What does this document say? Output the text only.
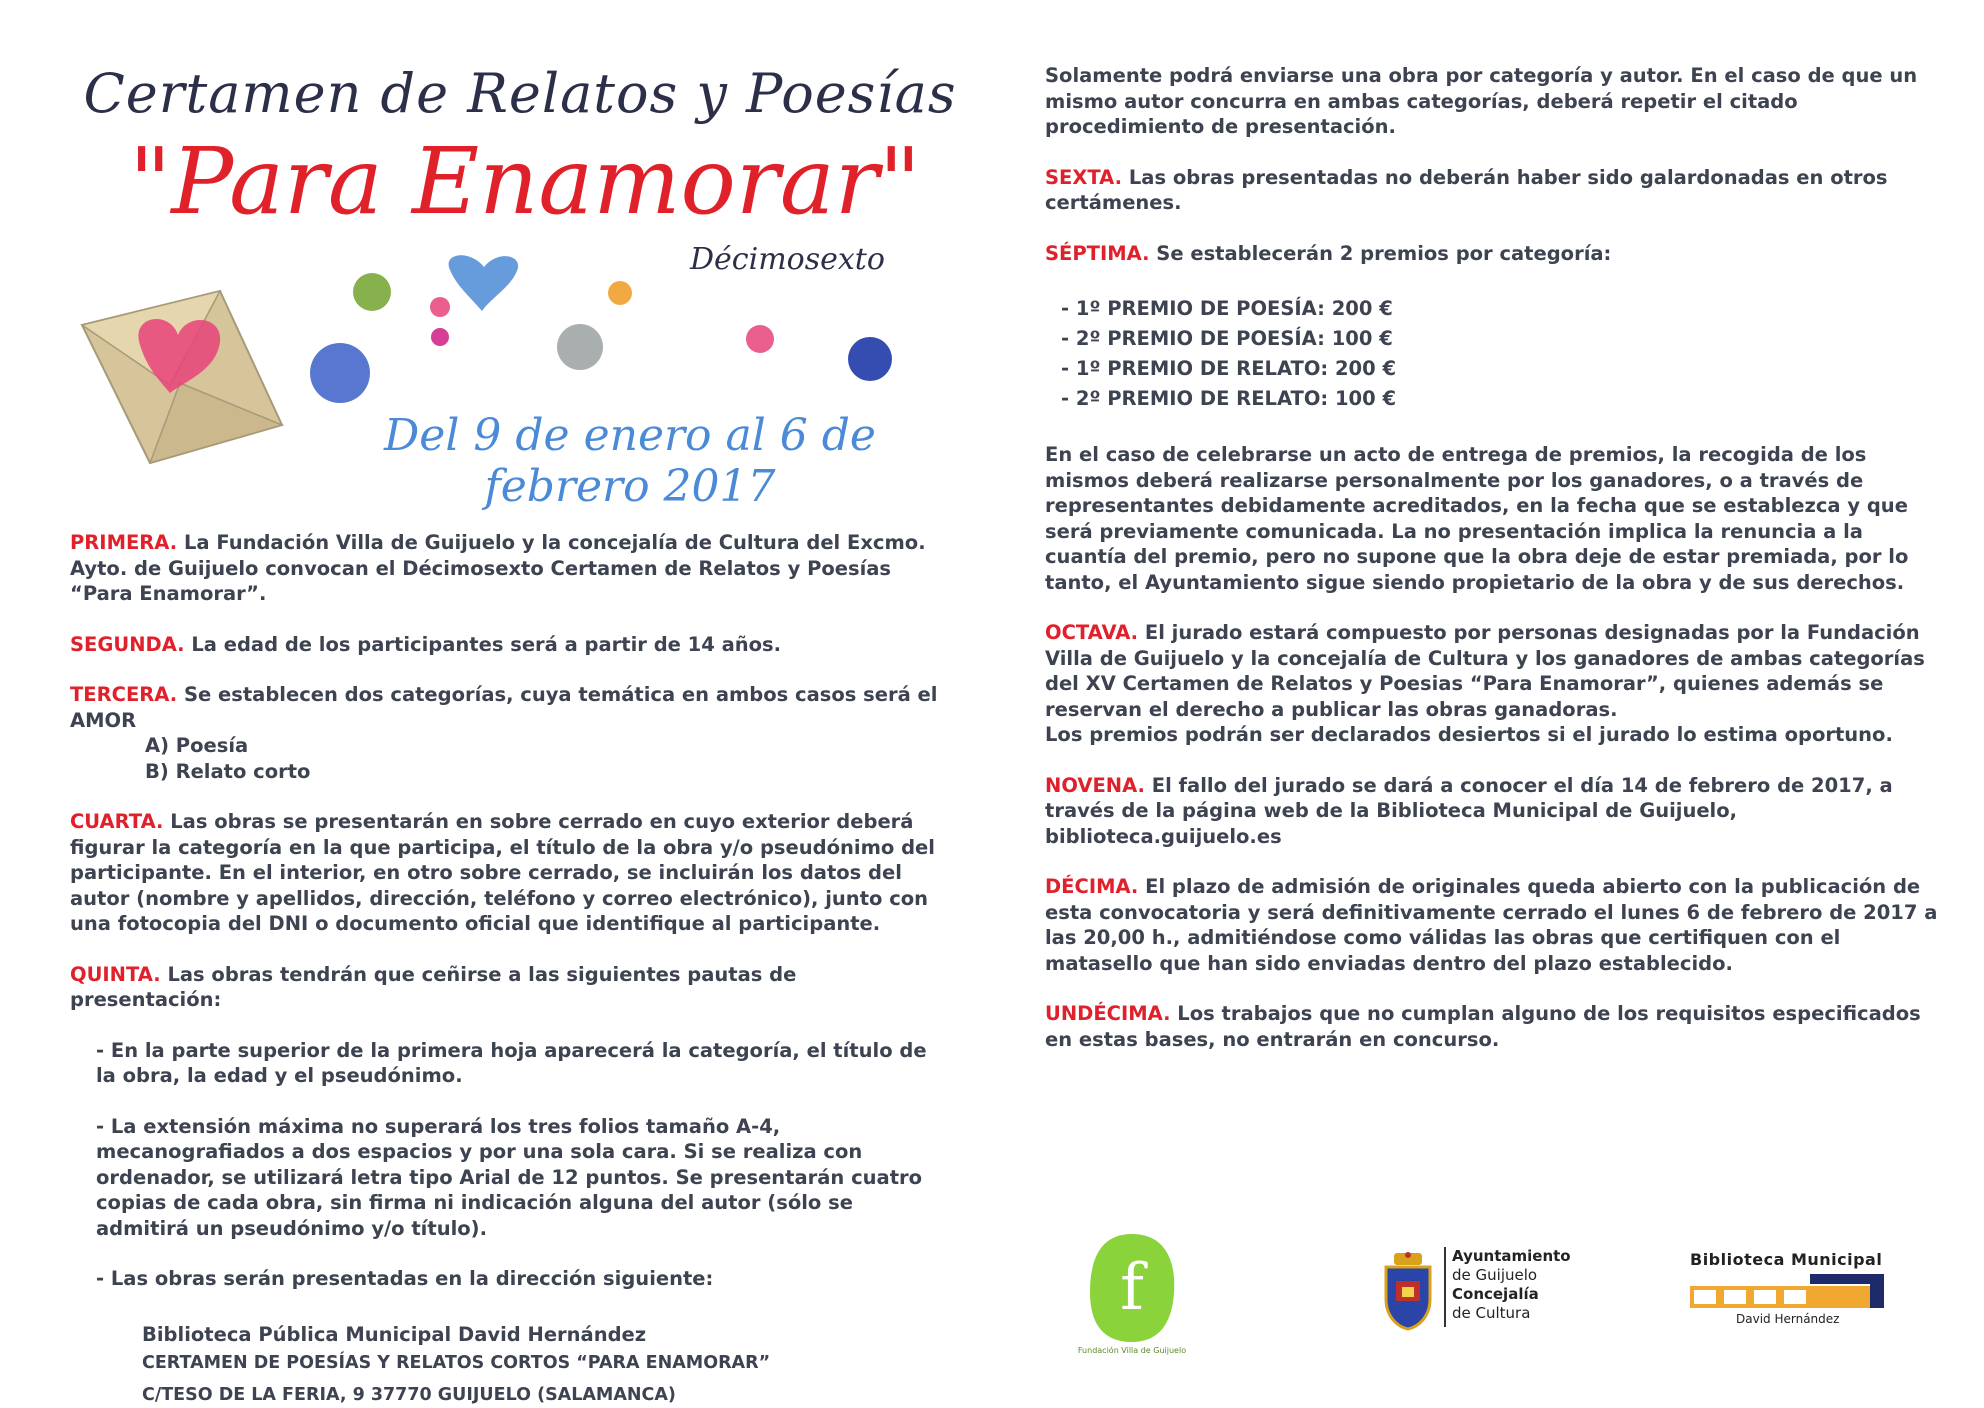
Certamen de Relatos y Poesías
"Para Enamorar"
Décimosexto
Del 9 de enero al 6 de febrero 2017

PRIMERA. La Fundación Villa de Guijuelo y la concejalía de Cultura del Excmo. Ayto. de Guijuelo convocan el Décimosexto Certamen de Relatos y Poesías “Para Enamorar”.

SEGUNDA. La edad de los participantes será a partir de 14 años.

TERCERA. Se establecen dos categorías, cuya temática en ambos casos será el AMOR

A) Poesía

B) Relato corto

CUARTA. Las obras se presentarán en sobre cerrado en cuyo exterior deberá figurar la categoría en la que participa, el título de la obra y/o pseudónimo del participante. En el interior, en otro sobre cerrado, se incluirán los datos del autor (nombre y apellidos, dirección, teléfono y correo electrónico), junto con una fotocopia del DNI o documento oficial que identifique al participante.

QUINTA. Las obras tendrán que ceñirse a las siguientes pautas de presentación:

- En la parte superior de la primera hoja aparecerá la categoría, el título de la obra, la edad y el pseudónimo.

- La extensión máxima no superará los tres folios tamaño A-4, mecanografiados a dos espacios y por una sola cara. Si se realiza con ordenador, se utilizará letra tipo Arial de 12 puntos. Se presentarán cuatro copias de cada obra, sin firma ni indicación alguna del autor (sólo se admitirá un pseudónimo y/o título).

- Las obras serán presentadas en la dirección siguiente:

Biblioteca Pública Municipal David Hernández

CERTAMEN DE POESÍAS Y RELATOS CORTOS “PARA ENAMORAR”

C/TESO DE LA FERIA, 9 37770 GUIJUELO (SALAMANCA)

Solamente podrá enviarse una obra por categoría y autor. En el caso de que un mismo autor concurra en ambas categorías, deberá repetir el citado procedimiento de presentación.

SEXTA. Las obras presentadas no deberán haber sido galardonadas en otros certámenes.

SÉPTIMA. Se establecerán 2 premios por categoría:

- 1º PREMIO DE POESÍA: 200 €
- 2º PREMIO DE POESÍA: 100 €
- 1º PREMIO DE RELATO: 200 €
- 2º PREMIO DE RELATO: 100 €

En el caso de celebrarse un acto de entrega de premios, la recogida de los mismos deberá realizarse personalmente por los ganadores, o a través de representantes debidamente acreditados, en la fecha que se establezca y que será previamente comunicada. La no presentación implica la renuncia a la cuantía del premio, pero no supone que la obra deje de estar premiada, por lo tanto, el Ayuntamiento sigue siendo propietario de la obra y de sus derechos.

OCTAVA. El jurado estará compuesto por personas designadas por la Fundación Villa de Guijuelo y la concejalía de Cultura y los ganadores de ambas categorías del XV Certamen de Relatos y Poesias “Para Enamorar”, quienes además se reservan el derecho a publicar las obras ganadoras.

Los premios podrán ser declarados desiertos si el jurado lo estima oportuno.

NOVENA. El fallo del jurado se dará a conocer el día 14 de febrero de 2017, a través de la página web de la Biblioteca Municipal de Guijuelo, biblioteca.guijuelo.es

DÉCIMA. El plazo de admisión de originales queda abierto con la publicación de esta convocatoria y será definitivamente cerrado el lunes 6 de febrero de 2017 a las 20,00 h., admitiéndose como válidas las obras que certifiquen con el matasello que han sido enviadas dentro del plazo establecido.

UNDÉCIMA. Los trabajos que no cumplan alguno de los requisitos especificados en estas bases, no entrarán en concurso.

f
Fundación Villa de Guijuelo
Ayuntamiento
de Guijuelo
Concejalía
de Cultura
Biblioteca Municipal
David Hernández
